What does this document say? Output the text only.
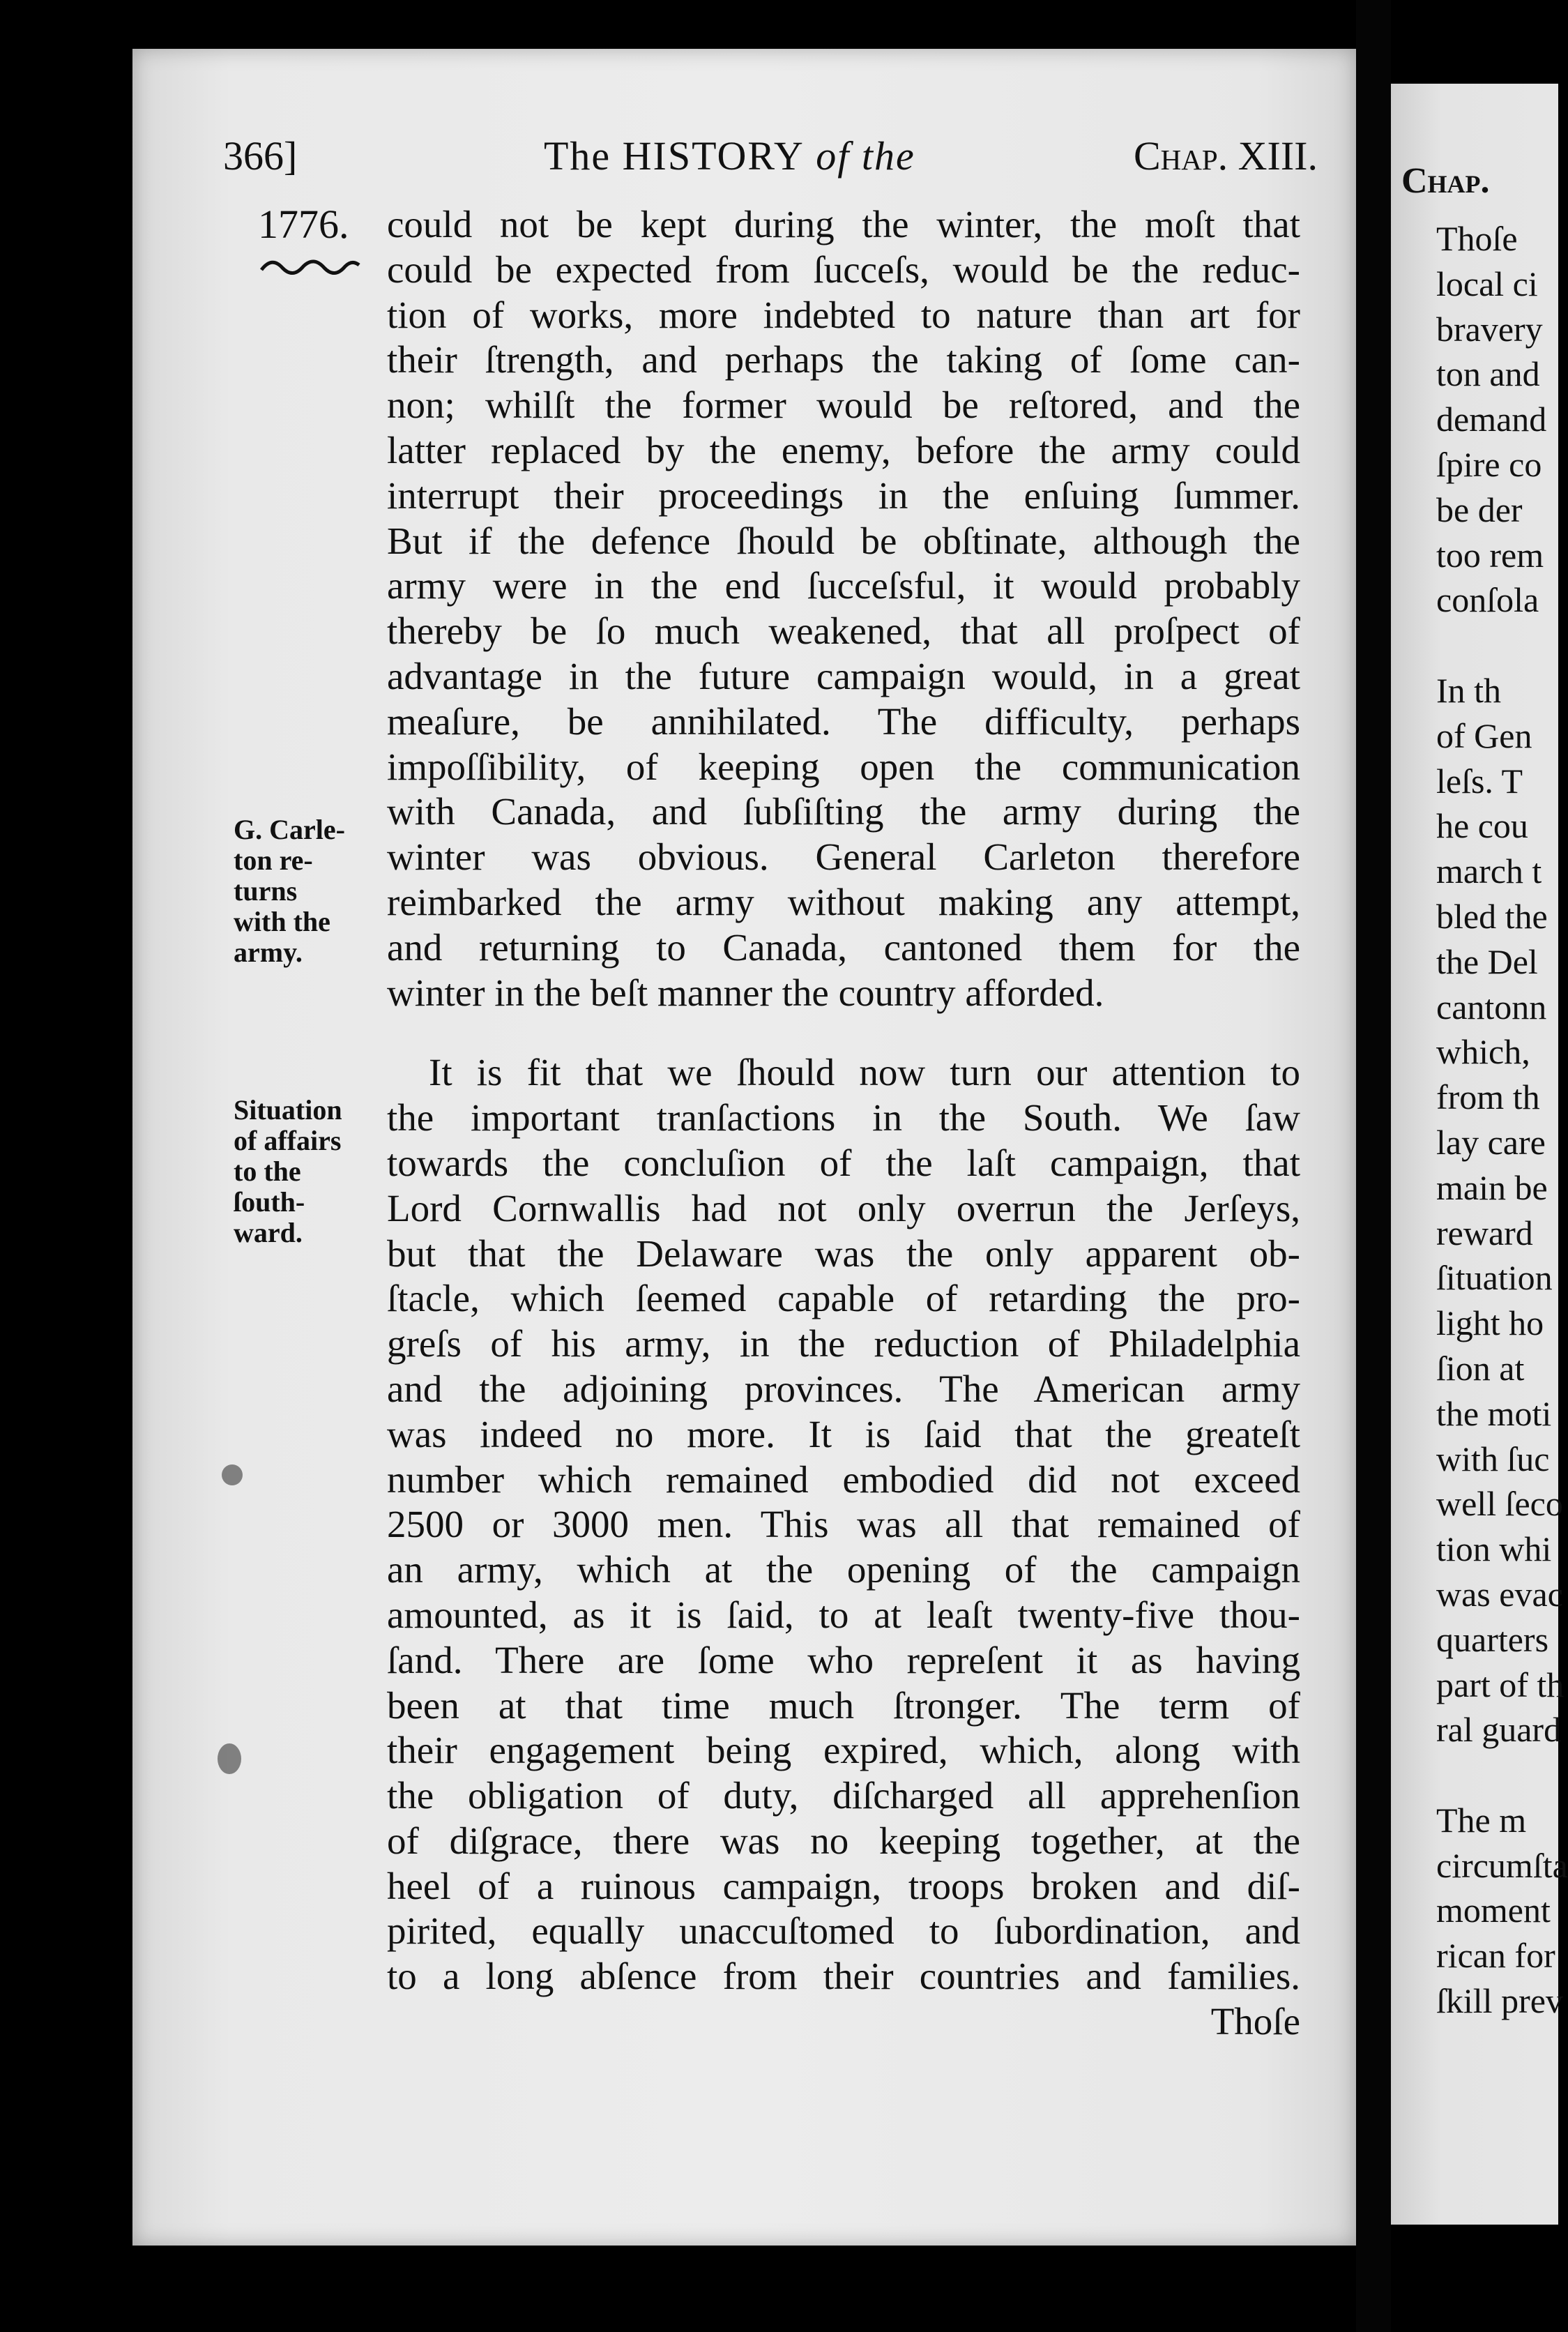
366]	The HISTORY of the	Chap. XIII.
1776.
G. Carle-
ton re-
turns
with the
army.
Situation
of affairs
to the
ſouth-
ward.
could not be kept during the winter, the moſt that
could be expected from ſucceſs, would be the reduc-
tion of works, more indebted to nature than art for
their ſtrength, and perhaps the taking of ſome can-
non; whilſt the former would be reſtored, and the
latter replaced by the enemy, before the army could
interrupt their proceedings in the enſuing ſummer.
But if the defence ſhould be obſtinate, although the
army were in the end ſucceſsful, it would probably
thereby be ſo much weakened, that all proſpect of
advantage in the future campaign would, in a great
meaſure, be annihilated. The difficulty, perhaps
impoſſibility, of keeping open the communication
with Canada, and ſubſiſting the army during the
winter was obvious. General Carleton therefore
reimbarked the army without making any attempt,
and returning to Canada, cantoned them for the
winter in the beſt manner the country afforded.
It is fit that we ſhould now turn our attention to
the important tranſactions in the South. We ſaw
towards the concluſion of the laſt campaign, that
Lord Cornwallis had not only overrun the Jerſeys,
but that the Delaware was the only apparent ob-
ſtacle, which ſeemed capable of retarding the pro-
greſs of his army, in the reduction of Philadelphia
and the adjoining provinces. The American army
was indeed no more. It is ſaid that the greateſt
number which remained embodied did not exceed
2500 or 3000 men. This was all that remained of
an army, which at the opening of the campaign
amounted, as it is ſaid, to at leaſt twenty-five thou-
ſand. There are ſome who repreſent it as having
been at that time much ſtronger. The term of
their engagement being expired, which, along with
the obligation of duty, diſcharged all apprehenſion
of diſgrace, there was no keeping together, at the
heel of a ruinous campaign, troops broken and diſ-
pirited, equally unaccuſtomed to ſubordination, and
to a long abſence from their countries and families.
Thoſe
Chap.
Thoſe
local ci
bravery
ton and
demand
ſpire co
be der
too rem
conſola
In th
of Gen
leſs. T
he cou
march t
bled the
the Del
cantonn
which,
from th
lay care
main be
reward
ſituation
light ho
ſion at
the moti
with ſuc
well ſeco
tion whi
was evac
quarters
part of th
ral guard
The m
circumſta
moment
rican for
ſkill prev
